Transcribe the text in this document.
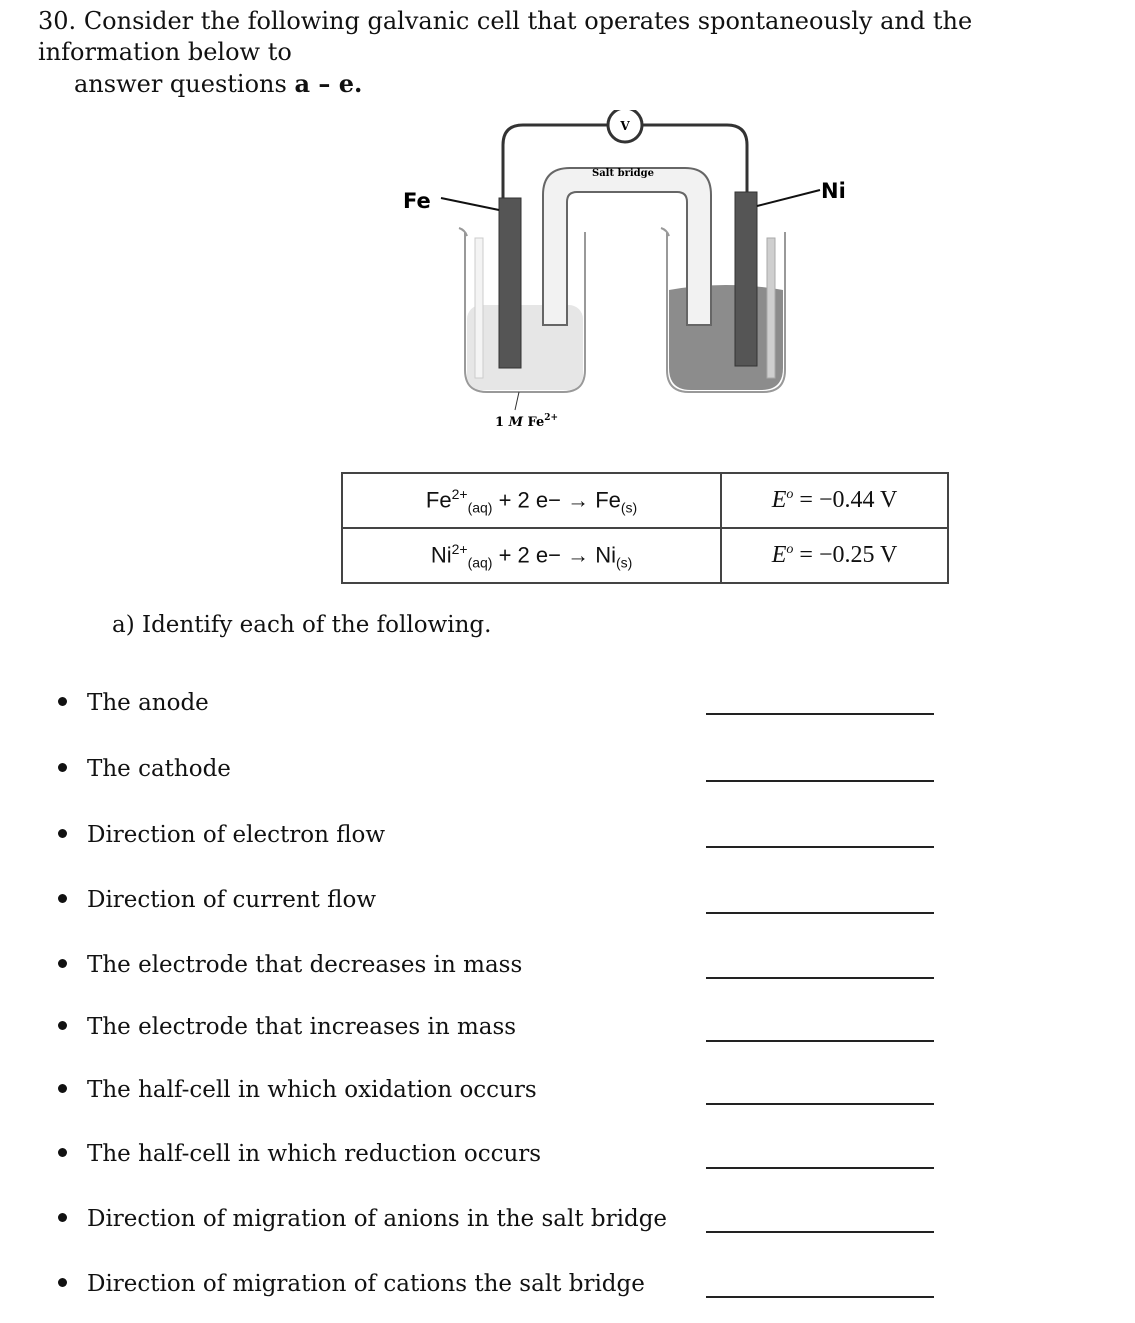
30. Consider the following galvanic cell that operates spontaneously and the information below to
answer questions a – e.
V
Salt bridge
Fe	Ni
1 M $Fe^{2+}$
$Fe^{2+}_{(aq)} + 2$ $e- \to Fe_{(s)}$	$E^o = -0.44$ V
$Ni^{2+}_{(aq)} + 2$ $e- \to Ni_{(s)}$	$E^o = -0.25$ V
a) Identify each of the following.
The anode
The cathode
Direction of electron flow
Direction of current flow
The electrode that decreases in mass
The electrode that increases in mass
The half-cell in which oxidation occurs
The half-cell in which reduction occurs
Direction of migration of anions in the salt bridge
Direction of migration of cations the salt bridge
